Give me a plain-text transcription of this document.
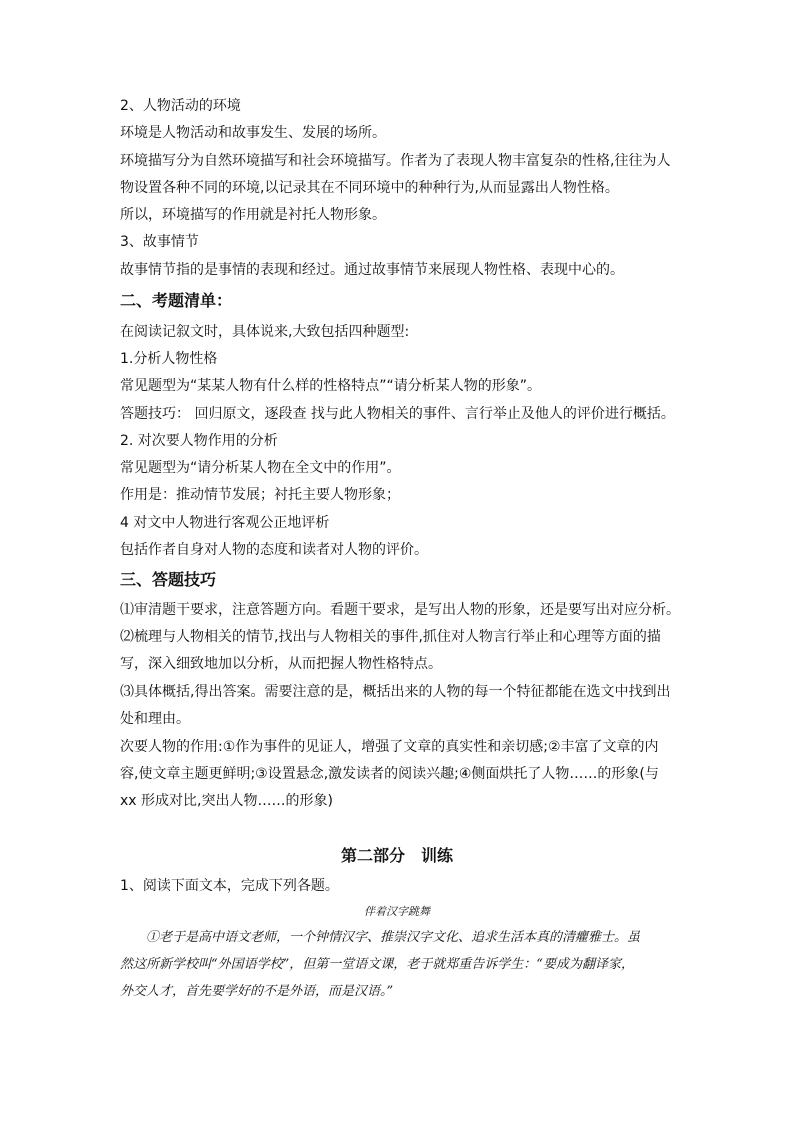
2、人物活动的环境
环境是人物活动和故事发生、发展的场所。
环境描写分为自然环境描写和社会环境描写。作者为了表现人物丰富复杂的性格,往往为人
物设置各种不同的环境,以记录其在不同环境中的种种行为,从而显露出人物性格。
所以，环境描写的作用就是衬托人物形象。
3、故事情节
故事情节指的是事情的表现和经过。通过故事情节来展现人物性格、表现中心的。
二、考题清单：
在阅读记叙文时，具体说来,大致包括四种题型:
1.分析人物性格
常见题型为“某某人物有什么样的性格特点”“请分析某人物的形象”。
答题技巧： 回归原文，逐段查 找与此人物相关的事件、言行举止及他人的评价进行概括。
2. 对次要人物作用的分析
常见题型为“请分析某人物在全文中的作用”。
作用是：推动情节发展；衬托主要人物形象；
4 对文中人物进行客观公正地评析
包括作者自身对人物的态度和读者对人物的评价。
三、答题技巧
⑴审清题干要求，注意答题方向。看题干要求，是写出人物的形象，还是要写出对应分析。
⑵梳理与人物相关的情节,找出与人物相关的事件,抓住对人物言行举止和心理等方面的描
写，深入细致地加以分析，从而把握人物性格特点。
⑶具体概括,得出答案。需要注意的是，概括出来的人物的每一个特征都能在选文中找到出
处和理由。
次要人物的作用:①作为事件的见证人，增强了文章的真实性和亲切感;②丰富了文章的内
容,使文章主题更鲜明;③设置悬念,激发读者的阅读兴趣;④侧面烘托了人物……的形象(与
xx 形成对比,突出人物……的形象)
第二部分　训练
1、阅读下面文本，完成下列各题。
伴着汉字跳舞
①老于是高中语文老师，一个钟情汉字、推崇汉字文化、追求生活本真的清癯雅士。虽
然这所新学校叫“外国语学校”，但第一堂语文课，老于就郑重告诉学生：“要成为翻译家，
外交人才，首先要学好的不是外语，而是汉语。”
